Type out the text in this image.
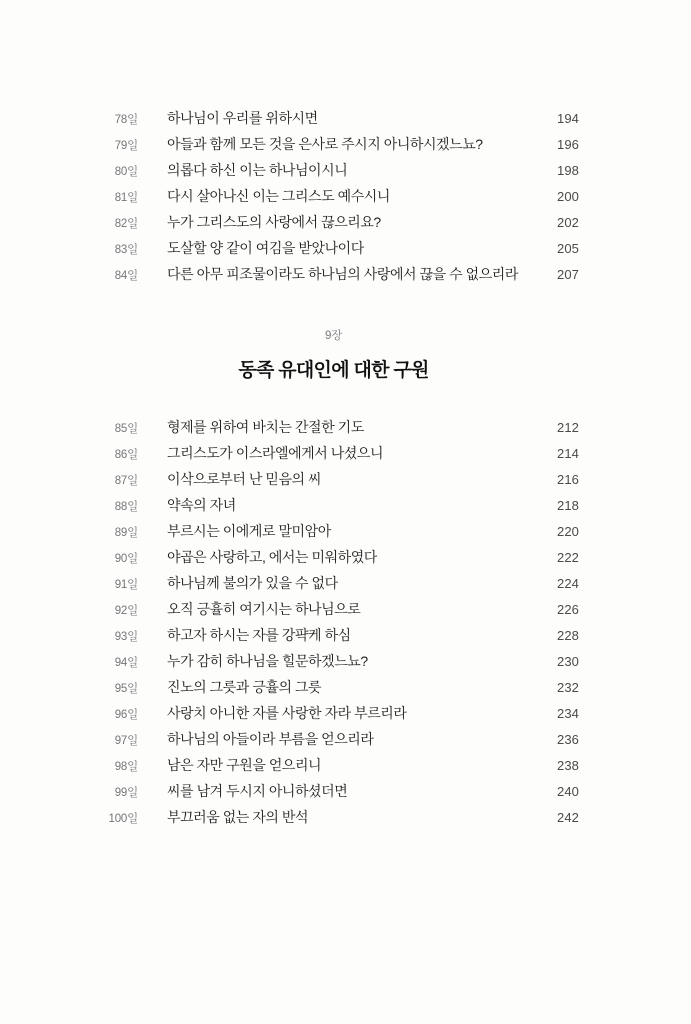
78일	하나님이 우리를 위하시면	194
79일	아들과 함께 모든 것을 은사로 주시지 아니하시겠느뇨?	196
80일	의롭다 하신 이는 하나님이시니	198
81일	다시 살아나신 이는 그리스도 예수시니	200
82일	누가 그리스도의 사랑에서 끊으리요?	202
83일	도살할 양 같이 여김을 받았나이다	205
84일	다른 아무 피조물이라도 하나님의 사랑에서 끊을 수 없으리라	207
9장
동족 유대인에 대한 구원
85일	형제를 위하여 바치는 간절한 기도	212
86일	그리스도가 이스라엘에게서 나셨으니	214
87일	이삭으로부터 난 믿음의 씨	216
88일	약속의 자녀	218
89일	부르시는 이에게로 말미암아	220
90일	야곱은 사랑하고, 에서는 미워하였다	222
91일	하나님께 불의가 있을 수 없다	224
92일	오직 긍휼히 여기시는 하나님으로	226
93일	하고자 하시는 자를 강퍅케 하심	228
94일	누가 감히 하나님을 힐문하겠느뇨?	230
95일	진노의 그릇과 긍휼의 그릇	232
96일	사랑치 아니한 자를 사랑한 자라 부르리라	234
97일	하나님의 아들이라 부름을 얻으리라	236
98일	남은 자만 구원을 얻으리니	238
99일	씨를 남겨 두시지 아니하셨더면	240
100일	부끄러움 없는 자의 반석	242
